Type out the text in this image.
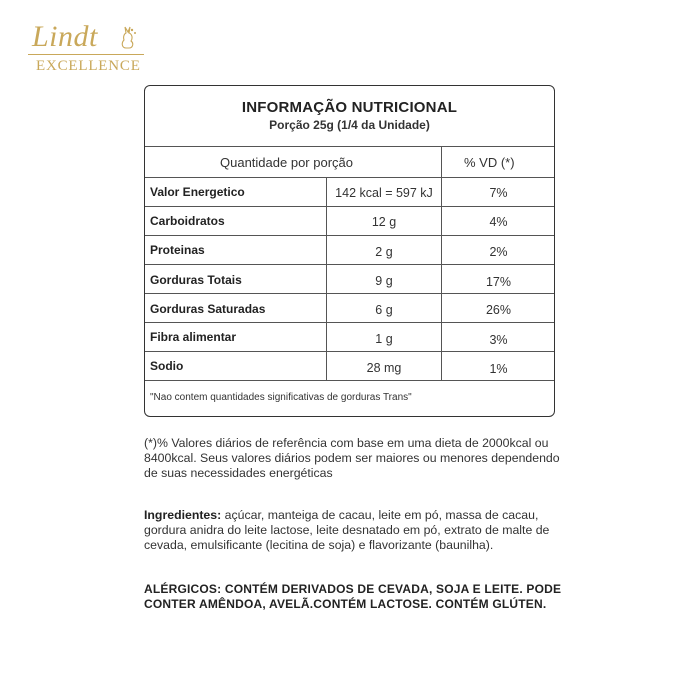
Lindt
EXCELLENCE
INFORMAÇÃO NUTRICIONAL
Porção 25g (1/4 da Unidade)
Quantidade por porção	% VD (*)
Valor Energetico	142 kcal = 597 kJ	7%
Carboidratos	12 g	4%
Proteinas	2 g	2%
Gorduras Totais	9 g	17%
Gorduras Saturadas	6 g	26%
Fibra alimentar	1 g	3%
Sodio	28 mg	1%
"Nao contem quantidades significativas de gorduras Trans"
(*)% Valores diários de referência com base em uma dieta de 2000kcal ou 8400kcal. Seus valores diários podem ser maiores ou menores dependendo de suas necessidades energéticas
Ingredientes: açúcar, manteiga de cacau, leite em pó, massa de cacau, gordura anidra do leite lactose, leite desnatado em pó, extrato de malte de cevada, emulsificante (lecitina de soja) e flavorizante (baunilha).
ALÉRGICOS: CONTÉM DERIVADOS DE CEVADA, SOJA E LEITE. PODE CONTER AMÊNDOA, AVELÃ.CONTÉM LACTOSE. CONTÉM GLÚTEN.
